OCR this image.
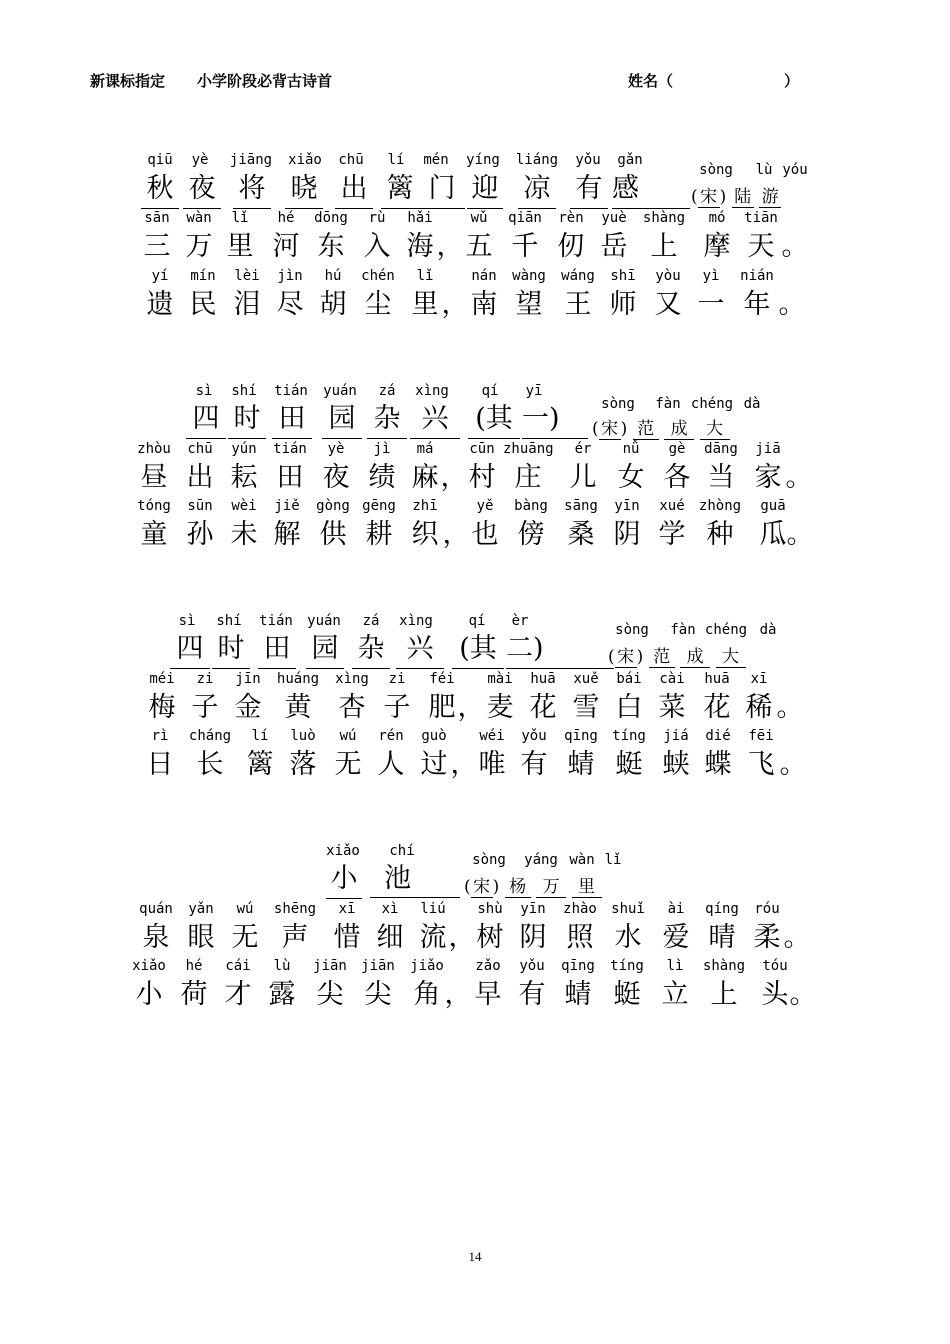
新课标指定 小学阶段必背古诗首	姓名（	）
qiū	yè	jiāng	xiǎo	chū	lí	mén	yíng	liáng	yǒu	gǎn
秋 夜 将 晓 出 篱 门 迎 凉 有 感
sòng	lù yóu
( 宋 ) 陆 游
sān	wàn	lǐ	hé	dōng	rù	hǎi	wǔ	qiān	rèn	yuè	shàng	mó	tiān
三 万 里 河 东 入 海 ， 五 千 仞 岳 上 摩 天 。
yí	mín	lèi	jìn	hú	chén	lǐ	nán	wàng	wáng	shī	yòu	yì	nián
遗 民 泪 尽 胡 尘 里 ， 南 望 王 师 又 一 年 。
sì	shí	tián	yuán	zá	xìng	qí	yī
四 时 田 园 杂 兴 (其 一)	sòng	fàn chéng dà
( 宋 ) 范 成 大
zhòu	chū	yún	tián	yè	jì	má	cūn zhuāng	ér	nǚ	gè	dāng	jiā
昼 出 耘 田 夜 绩 麻 ， 村 庄 儿 女 各 当 家 。
tóng	sūn	wèi	jiě	gòng gēng	zhī	yě	bàng	sāng	yīn	xué	zhòng	guā
童 孙 未 解 供 耕 织 ， 也 傍 桑 阴 学 种 瓜 。
sì	shí	tián	yuán	zá	xìng	qí	èr
四 时 田 园 杂 兴 (其 二)
sòng	fàn chéng dà
( 宋 ) 范 成 大
méi	zi	jīn	huáng	xìng	zi	féi	mài	huā	xuě	bái	cài	huā	xī
梅 子 金 黄 杏 子 肥 ， 麦 花 雪 白 菜 花 稀 。
rì	cháng	lí	luò	wú	rén	guò	wéi	yǒu	qīng	tíng	jiá	dié	fēi
日 长 篱 落 无 人 过 ， 唯 有 蜻 蜓 蛱 蝶 飞 。
xiǎo	chí
小 池
sòng	yáng wàn lǐ
( 宋 ) 杨 万 里
quán	yǎn	wú	shēng	xī	xì	liú	shù	yīn	zhào	shuǐ	ài	qíng	róu
泉 眼 无 声 惜 细 流 ， 树 阴 照 水 爱 晴 柔 。
xiǎo	hé	cái	lù	jiān	jiān	jiǎo	zǎo	yǒu	qīng	tíng	lì	shàng	tóu
小 荷 才 露 尖 尖 角 ， 早 有 蜻 蜓 立 上 头 。
14
